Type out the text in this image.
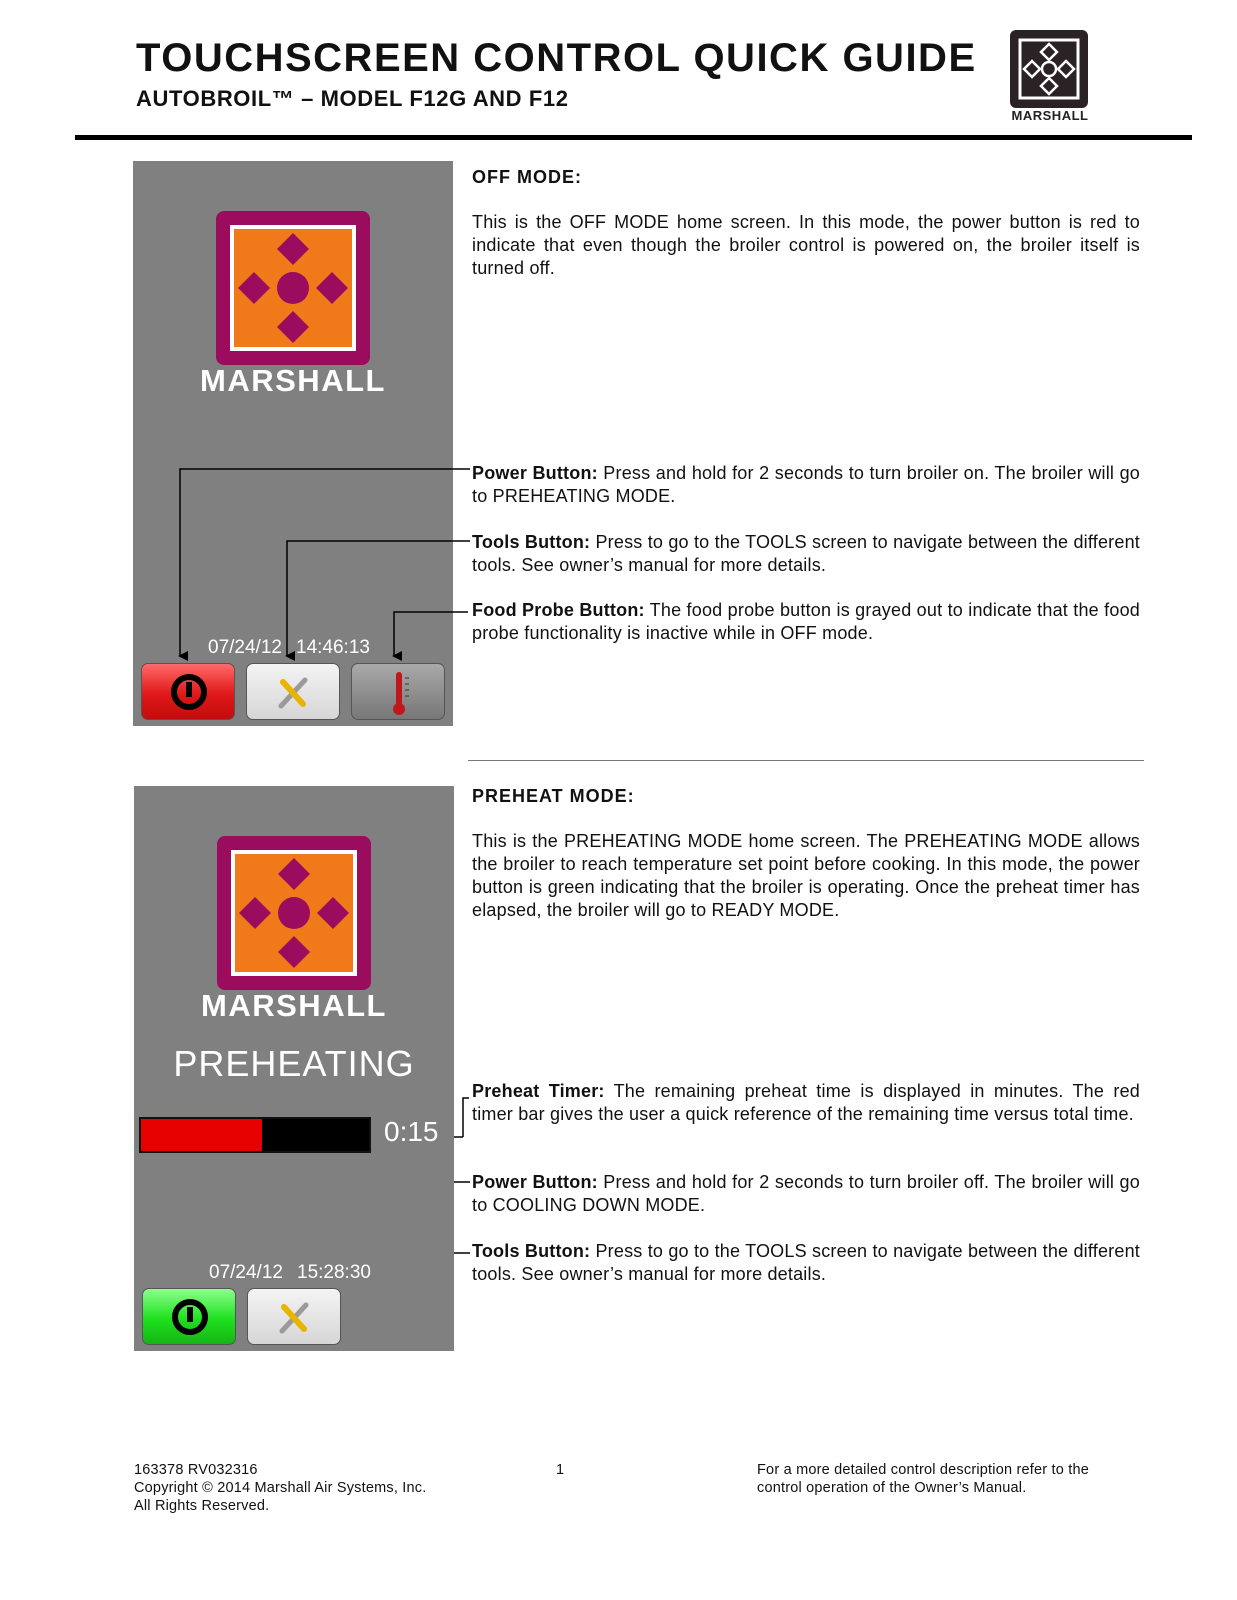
TOUCHSCREEN CONTROL QUICK GUIDE
AUTOBROIL™ – MODEL F12G AND F12
MARSHALL
MARSHALL
07/24/12 14:46:13
OFF MODE:
This is the OFF MODE home screen. In this mode, the power button is red to indicate that even though the broiler control is powered on, the broiler itself is turned off.
Power Button: Press and hold for 2 seconds to turn broiler on. The broiler will go to PREHEATING MODE.
Tools Button: Press to go to the TOOLS screen to navigate between the different tools. See owner’s manual for more details.
Food Probe Button: The food probe button is grayed out to indicate that the food probe functionality is inactive while in OFF mode.
MARSHALL
PREHEATING
0:15
07/24/12 15:28:30
PREHEAT MODE:
This is the PREHEATING MODE home screen. The PREHEATING MODE allows the broiler to reach temperature set point before cooking. In this mode, the power button is green indicating that the broiler is operating. Once the preheat timer has elapsed, the broiler will go to READY MODE.
Preheat Timer: The remaining preheat time is displayed in minutes. The red timer bar gives the user a quick reference of the remaining time versus total time.
Power Button: Press and hold for 2 seconds to turn broiler off. The broiler will go to COOLING DOWN MODE.
Tools Button: Press to go to the TOOLS screen to navigate between the different tools. See owner’s manual for more details.
163378 RV032316
Copyright © 2014 Marshall Air Systems, Inc.
All Rights Reserved.
1	For a more detailed control description refer to the
control operation of the Owner’s Manual.
